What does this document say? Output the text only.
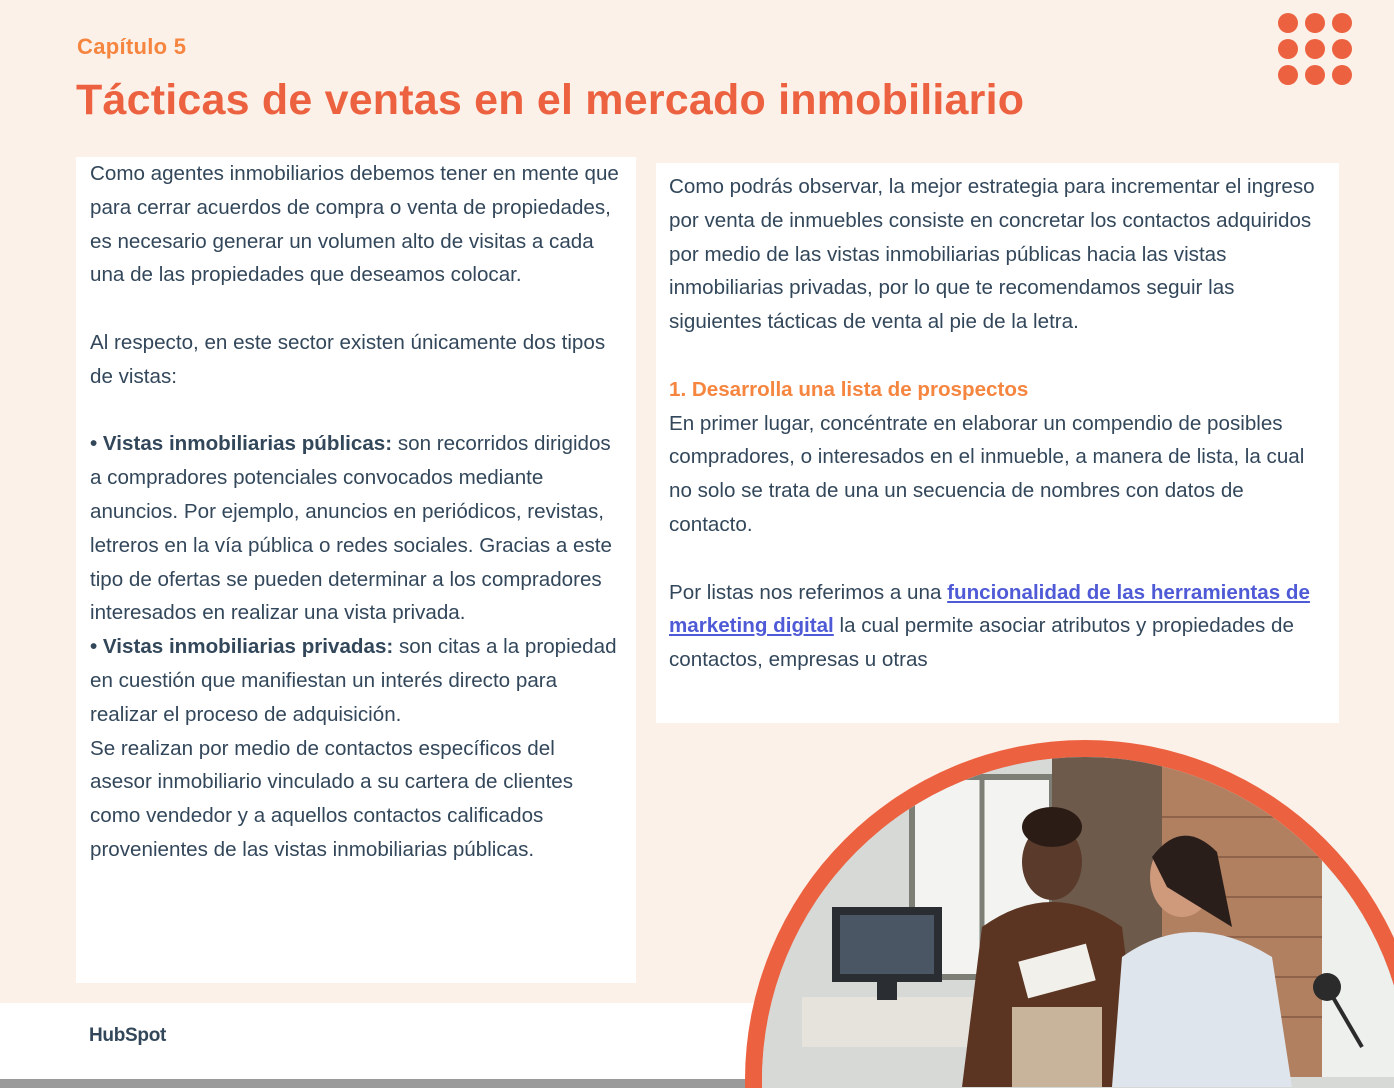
Capítulo 5
Tácticas de ventas en el mercado inmobiliario

Como agentes inmobiliarios debemos tener en mente que para cerrar acuerdos de compra o venta de propiedades, es necesario generar un volumen alto de visitas a cada una de las propiedades que deseamos colocar.

Al respecto, en este sector existen únicamente dos tipos de vistas:

• Vistas inmobiliarias públicas: son recorridos dirigidos a compradores potenciales convocados mediante anuncios. Por ejemplo, anuncios en periódicos, revistas, letreros en la vía pública o redes sociales. Gracias a este tipo de ofertas se pueden determinar a los compradores interesados en realizar una vista privada.

• Vistas inmobiliarias privadas: son citas a la propiedad en cuestión que manifiestan un interés directo para realizar el proceso de adquisición.

Se realizan por medio de contactos específicos del asesor inmobiliario vinculado a su cartera de clientes como vendedor y a aquellos contactos calificados provenientes de las vistas inmobiliarias públicas.

Como podrás observar, la mejor estrategia para incrementar el ingreso por venta de inmuebles consiste en concretar los contactos adquiridos por medio de las vistas inmobiliarias públicas hacia las vistas inmobiliarias privadas, por lo que te recomendamos seguir las siguientes tácticas de venta al pie de la letra.

1. Desarrolla una lista de prospectos

En primer lugar, concéntrate en elaborar un compendio de posibles compradores, o interesados en el inmueble, a manera de lista, la cual no solo se trata de una un secuencia de nombres con datos de contacto.

Por listas nos referimos a una funcionalidad de las herramientas de marketing digital la cual permite asociar atributos y propiedades de contactos, empresas u otras

HubSpot
